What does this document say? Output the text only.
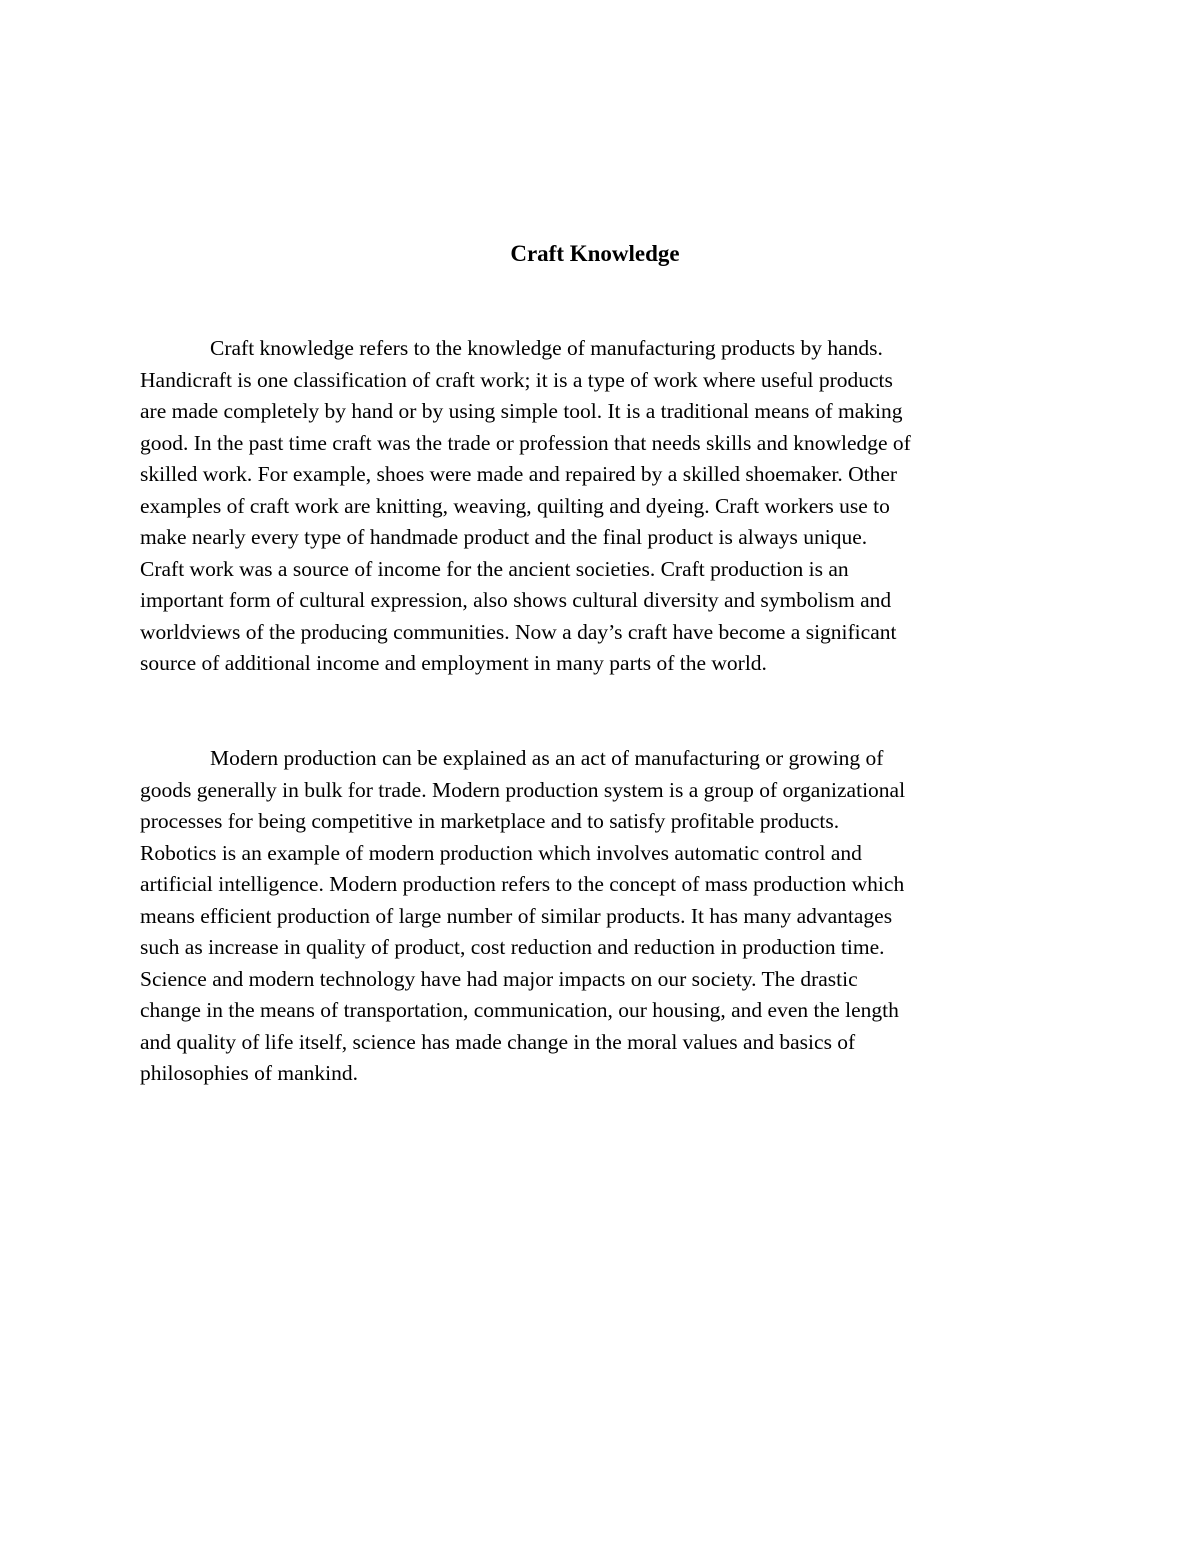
Craft Knowledge

Craft knowledge refers to the knowledge of manufacturing products by hands.
Handicraft is one classification of craft work; it is a type of work where useful products
are made completely by hand or by using simple tool. It is a traditional means of making
good. In the past time craft was the trade or profession that needs skills and knowledge of
skilled work. For example, shoes were made and repaired by a skilled shoemaker. Other
examples of craft work are knitting, weaving, quilting and dyeing. Craft workers use to
make nearly every type of handmade product and the final product is always unique.
Craft work was a source of income for the ancient societies. Craft production is an
important form of cultural expression, also shows cultural diversity and symbolism and
worldviews of the producing communities. Now a day’s craft have become a significant
source of additional income and employment in many parts of the world.

Modern production can be explained as an act of manufacturing or growing of
goods generally in bulk for trade. Modern production system is a group of organizational
processes for being competitive in marketplace and to satisfy profitable products.
Robotics is an example of modern production which involves automatic control and
artificial intelligence. Modern production refers to the concept of mass production which
means efficient production of large number of similar products. It has many advantages
such as increase in quality of product, cost reduction and reduction in production time.
Science and modern technology have had major impacts on our society. The drastic
change in the means of transportation, communication, our housing, and even the length
and quality of life itself, science has made change in the moral values and basics of
philosophies of mankind.
